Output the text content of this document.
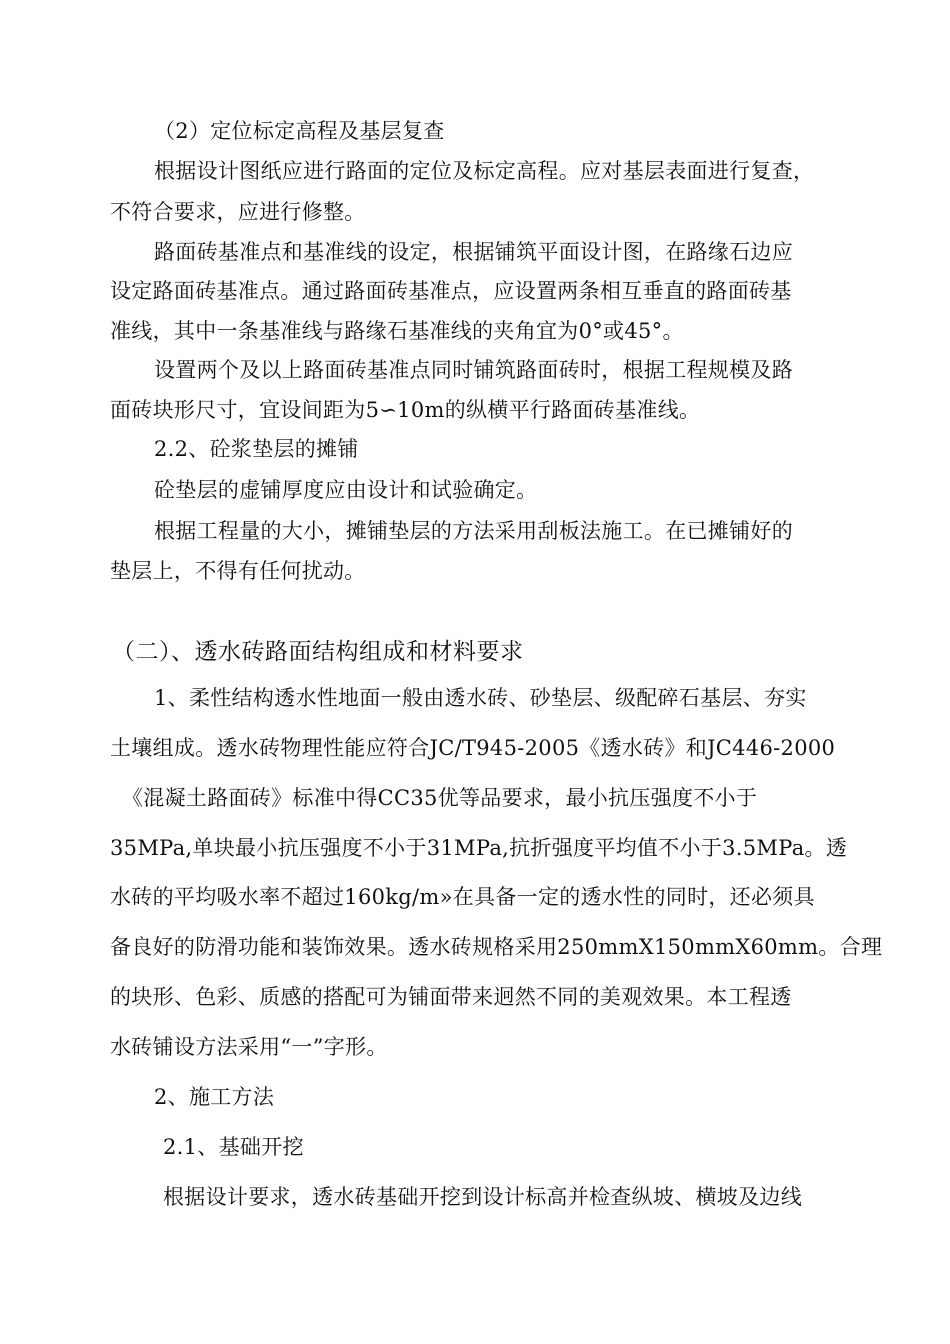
（2）定位标定高程及基层复查
根据设计图纸应进行路面的定位及标定高程。应对基层表面进行复查，
不符合要求，应进行修整。
路面砖基准点和基准线的设定，根据铺筑平面设计图，在路缘石边应
设定路面砖基准点。通过路面砖基准点，应设置两条相互垂直的路面砖基
准线，其中一条基准线与路缘石基准线的夹角宜为0°或45°。
设置两个及以上路面砖基准点同时铺筑路面砖时，根据工程规模及路
面砖块形尺寸，宜设间距为5∽10m的纵横平行路面砖基准线。
2.2、砼浆垫层的摊铺
砼垫层的虚铺厚度应由设计和试验确定。
根据工程量的大小，摊铺垫层的方法采用刮板法施工。在已摊铺好的
垫层上，不得有任何扰动。
（二）、透水砖路面结构组成和材料要求
1、柔性结构透水性地面一般由透水砖、砂垫层、级配碎石基层、夯实
土壤组成。透水砖物理性能应符合JC/T945-2005《透水砖》和JC446-2000
《混凝土路面砖》标准中得CC35优等品要求，最小抗压强度不小于
35MPa,单块最小抗压强度不小于31MPa,抗折强度平均值不小于3.5MPa。透
水砖的平均吸水率不超过160kg/m»在具备一定的透水性的同时，还必须具
备良好的防滑功能和装饰效果。透水砖规格采用250mmX150mmX60mm。合理
的块形、色彩、质感的搭配可为铺面带来迥然不同的美观效果。本工程透
水砖铺设方法采用“一”字形。
2、施工方法
2.1、基础开挖
根据设计要求，透水砖基础开挖到设计标高并检查纵坡、横坡及边线
